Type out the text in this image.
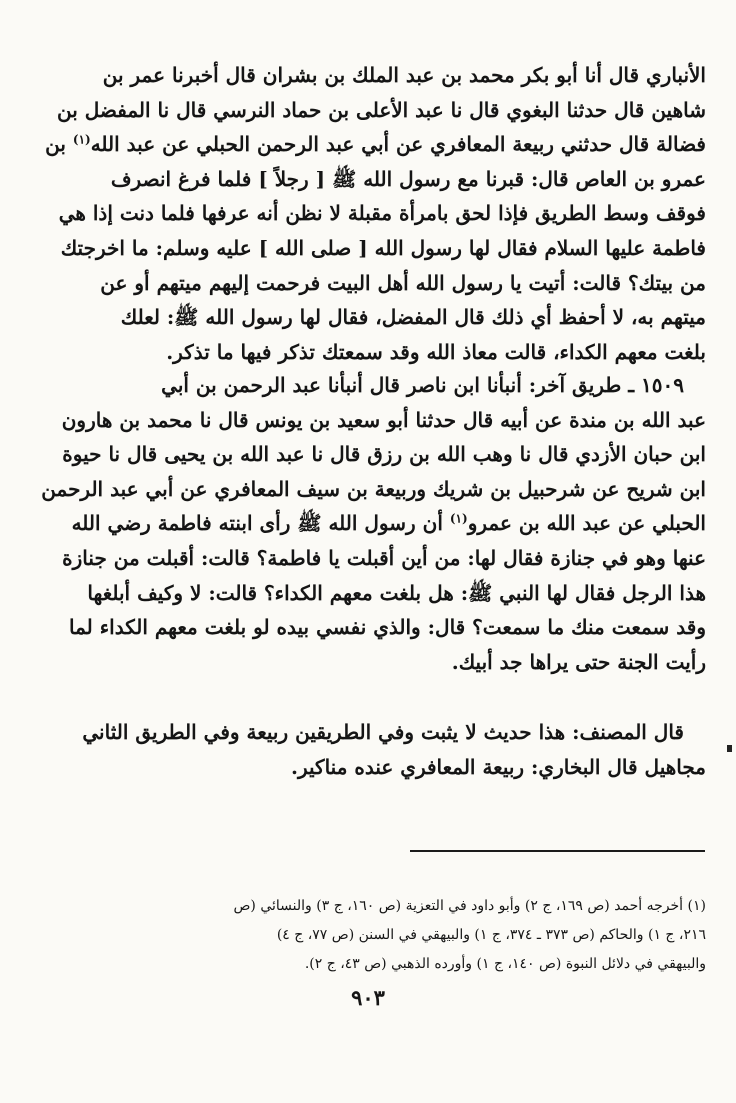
الأنباري قال أنا أبو بكر محمد بن عبد الملك بن بشران قال أخبرنا عمر بن
شاهين قال حدثنا البغوي قال نا عبد الأعلى بن حماد النرسي قال نا المفضل بن
فضالة قال حدثني ربيعة المعافري عن أبي عبد الرحمن الحبلي عن عبد الله$^{(١)}$ بن
عمرو بن العاص قال: قبرنا مع رسول الله ﷺ [ رجلاً ] فلما فرغ انصرف
فوقف وسط الطريق فإذا لحق بامرأة مقبلة لا نظن أنه عرفها فلما دنت إذا هي
فاطمة عليها السلام فقال لها رسول الله [ صلى الله ] عليه وسلم: ما اخرجتك
من بيتك؟ قالت: أتيت يا رسول الله أهل البيت فرحمت إليهم ميتهم أو عن
ميتهم به، لا أحفظ أي ذلك قال المفضل، فقال لها رسول الله ﷺ: لعلك
بلغت معهم الكداء، قالت معاذ الله وقد سمعتك تذكر فيها ما تذكر.
١٥٠٩ ـ طريق آخر: أنبأنا ابن ناصر قال أنبأنا عبد الرحمن بن أبي
عبد الله بن مندة عن أبيه قال حدثنا أبو سعيد بن يونس قال نا محمد بن هارون
ابن حبان الأزدي قال نا وهب الله بن رزق قال نا عبد الله بن يحيى قال نا حيوة
ابن شريح عن شرحبيل بن شريك وربيعة بن سيف المعافري عن أبي عبد الرحمن
الحبلي عن عبد الله بن عمرو$^{(١)}$ أن رسول الله ﷺ رأى ابنته فاطمة رضي الله
عنها وهو في جنازة فقال لها: من أين أقبلت يا فاطمة؟ قالت: أقبلت من جنازة
هذا الرجل فقال لها النبي ﷺ: هل بلغت معهم الكداء؟ قالت: لا وكيف أبلغها
وقد سمعت منك ما سمعت؟ قال: والذي نفسي بيده لو بلغت معهم الكداء لما
رأيت الجنة حتى يراها جد أبيك.
قال المصنف: هذا حديث لا يثبت وفي الطريقين ربيعة وفي الطريق الثاني
مجاهيل قال البخاري: ربيعة المعافري عنده مناكير.
(١) أخرجه أحمد (ص ١٦٩، ج ٢) وأبو داود في التعزية (ص ١٦٠، ج ٣) والنسائي (ص
٢١٦، ج ١) والحاكم (ص ٣٧٣ ـ ٣٧٤، ج ١) والبيهقي في السنن (ص ٧٧، ج ٤)
والبيهقي في دلائل النبوة (ص ١٤٠، ج ١) وأورده الذهبي (ص ٤٣، ج ٢).
٩٠٣
